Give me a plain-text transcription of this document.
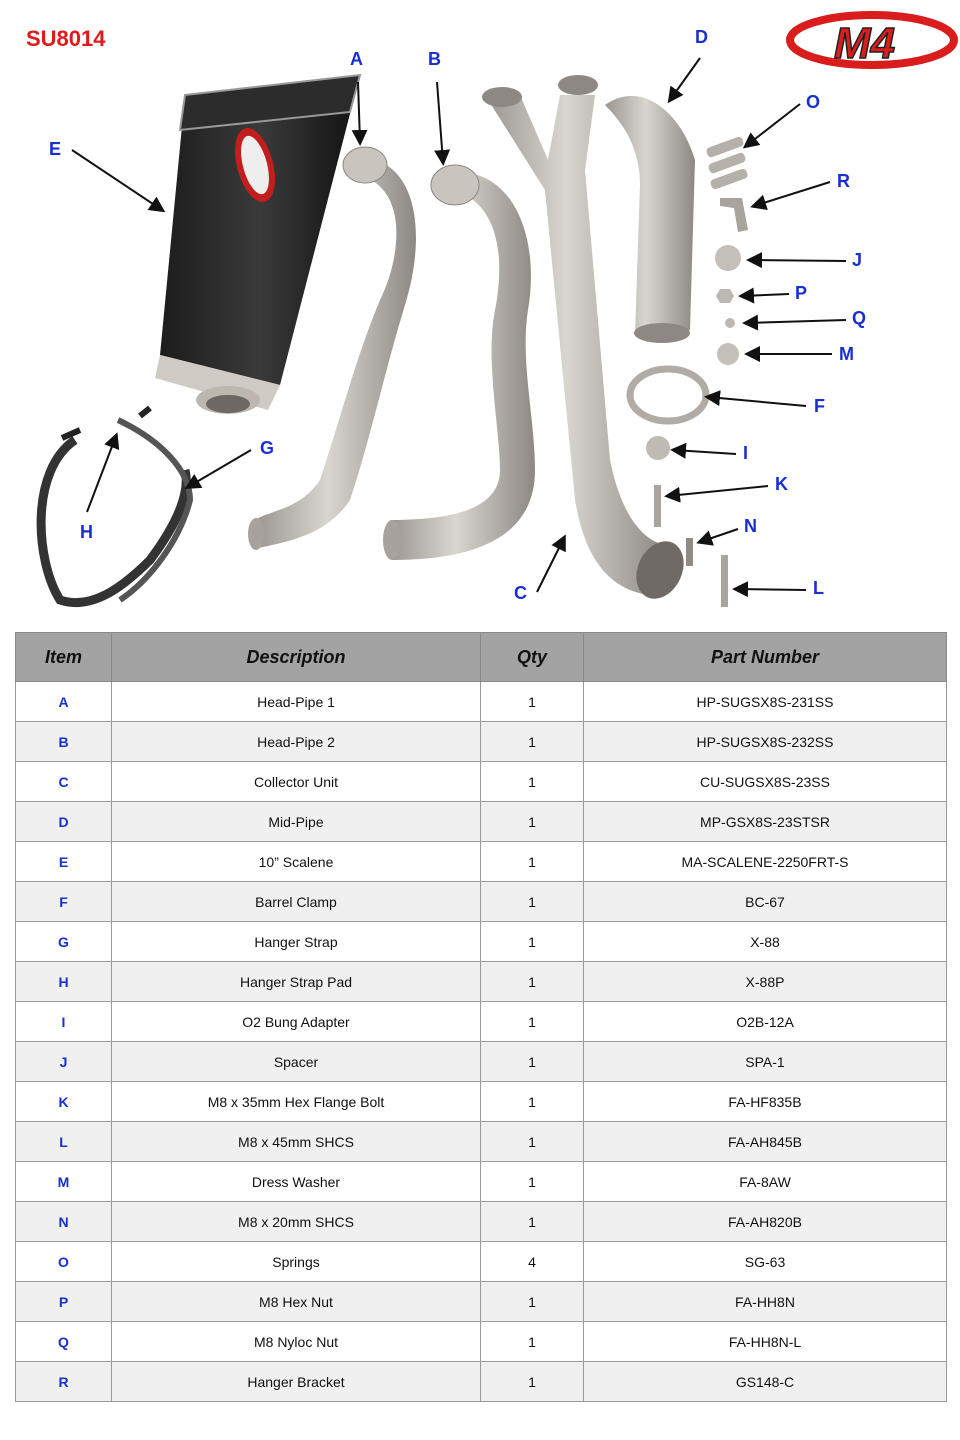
M4
SU8014
A	B
C
D
E
F
G
H
I
J
K
L
M
N
O
P
Q
R
Item	Description	Qty	Part Number
A	Head-Pipe 1	1	HP-SUGSX8S-231SS
B	Head-Pipe 2	1	HP-SUGSX8S-232SS
C	Collector Unit	1	CU-SUGSX8S-23SS
D	Mid-Pipe	1	MP-GSX8S-23STSR
E	10” Scalene	1	MA-SCALENE-2250FRT-S
F	Barrel Clamp	1	BC-67
G	Hanger Strap	1	X-88
H	Hanger Strap Pad	1	X-88P
I	O2 Bung Adapter	1	O2B-12A
J	Spacer	1	SPA-1
K	M8 x 35mm Hex Flange Bolt	1	FA-HF835B
L	M8 x 45mm SHCS	1	FA-AH845B
M	Dress Washer	1	FA-8AW
N	M8 x 20mm SHCS	1	FA-AH820B
O	Springs	4	SG-63
P	M8 Hex Nut	1	FA-HH8N
Q	M8 Nyloc Nut	1	FA-HH8N-L
R	Hanger Bracket	1	GS148-C
